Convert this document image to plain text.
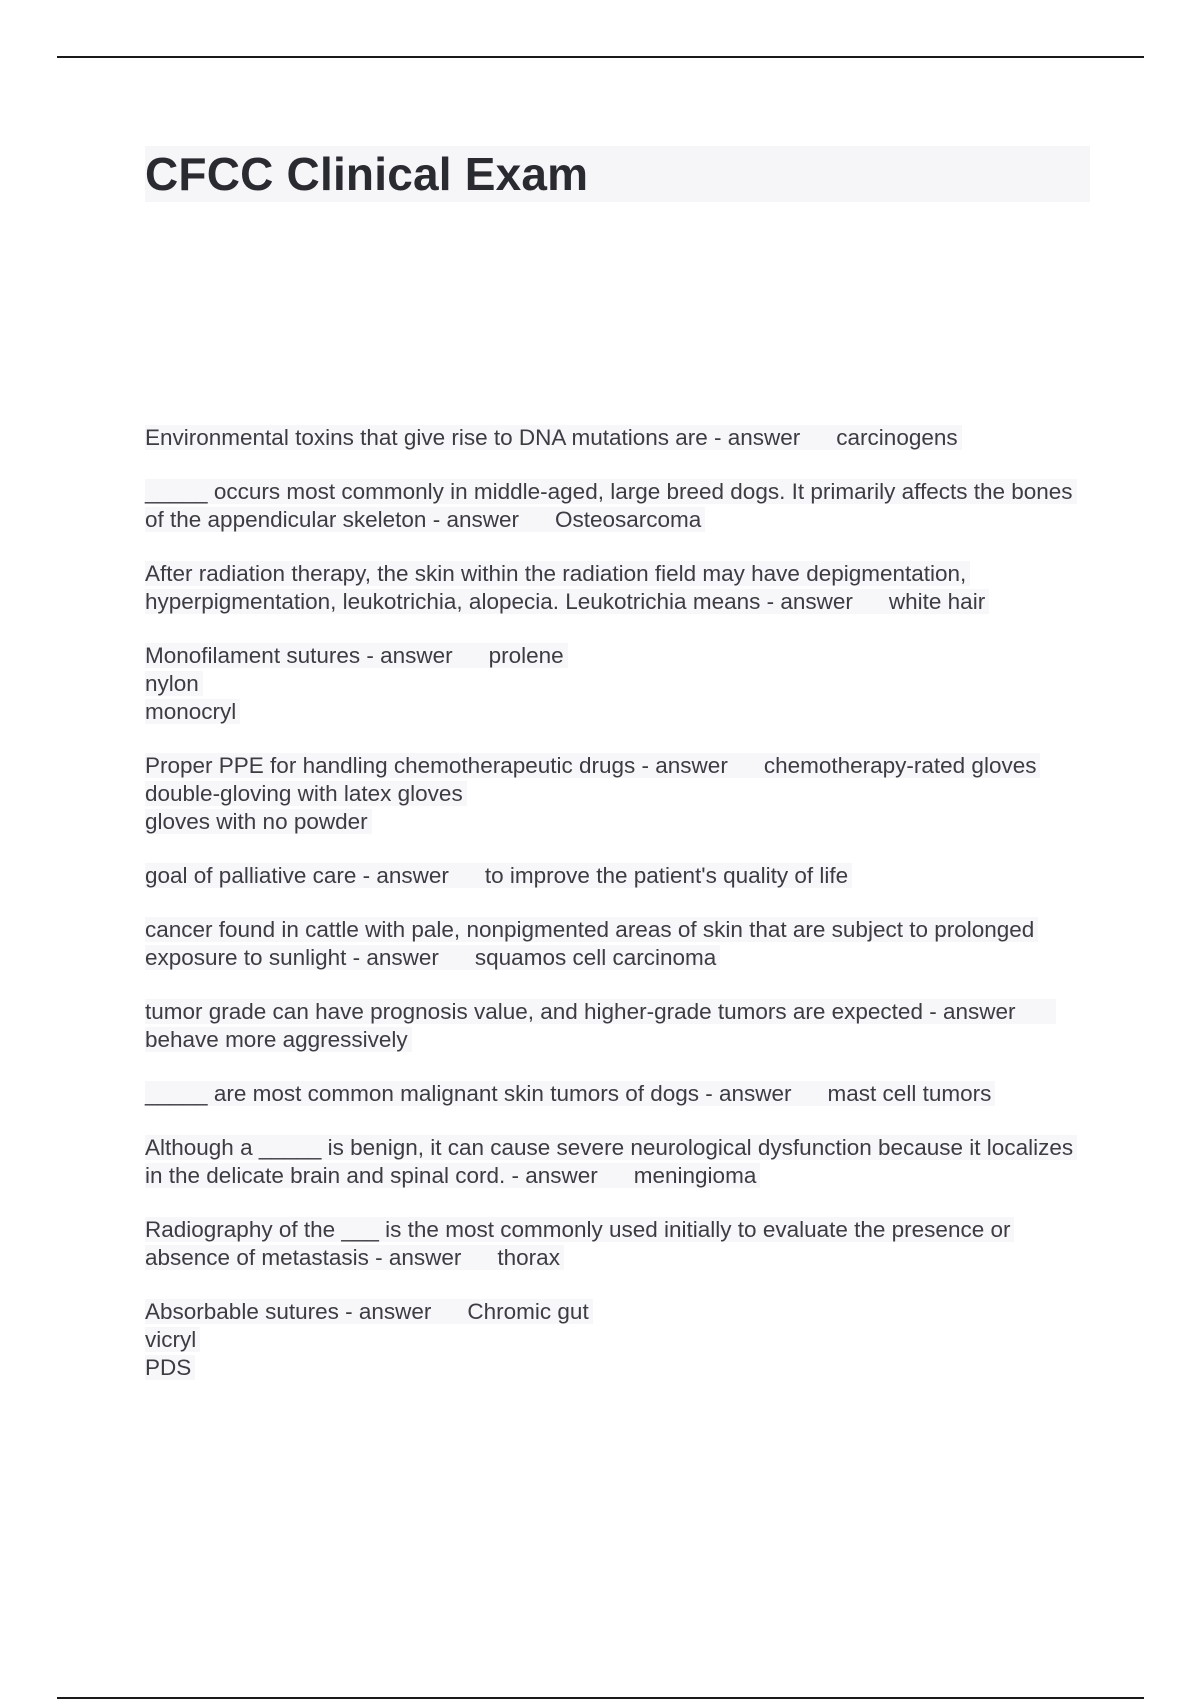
CFCC Clinical Exam

Environmental toxins that give rise to DNA mutations are - answer carcinogens

_____ occurs most commonly in middle-aged, large breed dogs. It primarily affects the bones of the appendicular skeleton - answer Osteosarcoma

After radiation therapy, the skin within the radiation field may have depigmentation, hyperpigmentation, leukotrichia, alopecia. Leukotrichia means - answer white hair

Monofilament sutures - answer prolene
nylon
monocryl

Proper PPE for handling chemotherapeutic drugs - answer chemotherapy-rated gloves
double-gloving with latex gloves
gloves with no powder

goal of palliative care - answer to improve the patient's quality of life

cancer found in cattle with pale, nonpigmented areas of skin that are subject to prolonged exposure to sunlight - answer squamos cell carcinoma

tumor grade can have prognosis value, and higher-grade tumors are expected - answerbehave more aggressively

_____ are most common malignant skin tumors of dogs - answer mast cell tumors

Although a _____ is benign, it can cause severe neurological dysfunction because it localizes in the delicate brain and spinal cord. - answer meningioma

Radiography of the ___ is the most commonly used initially to evaluate the presence or absence of metastasis - answer thorax

Absorbable sutures - answer Chromic gut
vicryl
PDS
